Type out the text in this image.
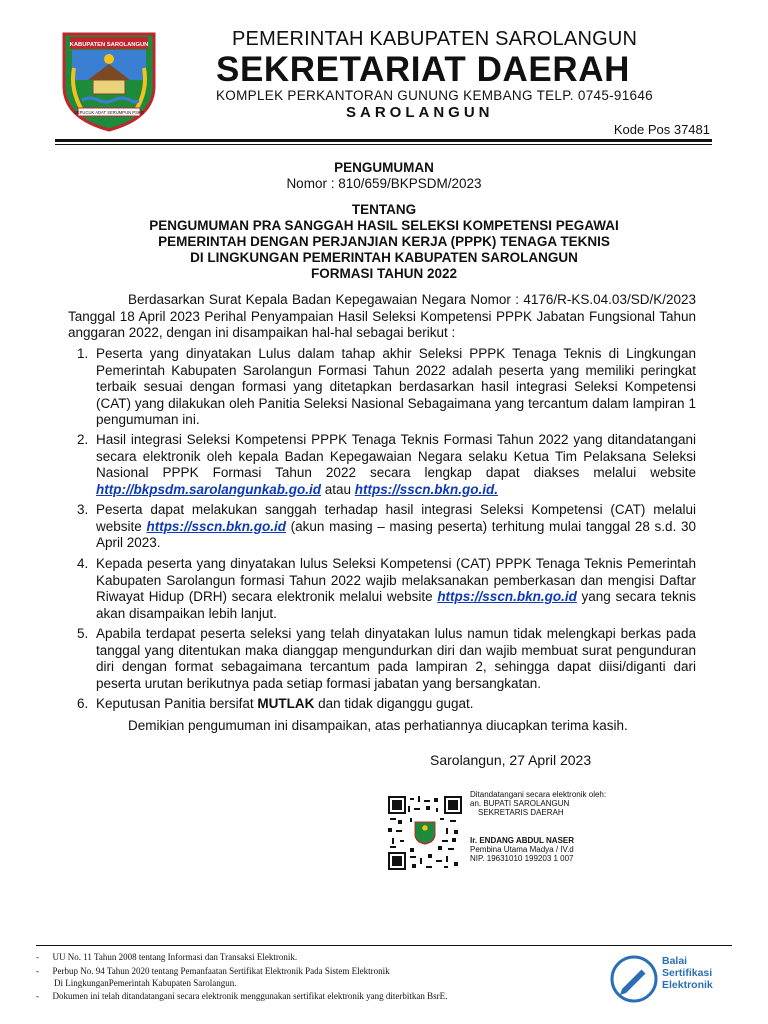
KABUPATEN SAROLANGUN
SEPUCUK ADAT SERUMPUN PSKO
PEMERINTAH KABUPATEN SAROLANGUN
SEKRETARIAT DAERAH
KOMPLEK PERKANTORAN GUNUNG KEMBANG TELP. 0745-91646
SAROLANGUN
Kode Pos 37481
PENGUMUMAN
Nomor : 810/659/BKPSDM/2023
TENTANG
PENGUMUMAN PRA SANGGAH HASIL SELEKSI KOMPETENSI PEGAWAI
PEMERINTAH DENGAN PERJANJIAN KERJA (PPPK) TENAGA TEKNIS
DI LINGKUNGAN PEMERINTAH KABUPATEN SAROLANGUN
FORMASI TAHUN 2022
Berdasarkan Surat Kepala Badan Kepegawaian Negara Nomor : 4176/R-KS.04.03/SD/K/2023 Tanggal 18 April 2023 Perihal Penyampaian Hasil Seleksi Kompetensi PPPK Jabatan Fungsional Tahun anggaran 2022, dengan ini disampaikan hal-hal sebagai berikut :
1. Peserta yang dinyatakan Lulus dalam tahap akhir Seleksi PPPK Tenaga Teknis di Lingkungan Pemerintah Kabupaten Sarolangun Formasi Tahun 2022 adalah peserta yang memiliki peringkat terbaik sesuai dengan formasi yang ditetapkan berdasarkan hasil integrasi Seleksi Kompetensi (CAT) yang dilakukan oleh Panitia Seleksi Nasional Sebagaimana yang tercantum dalam lampiran 1 pengumuman ini.
2. Hasil integrasi Seleksi Kompetensi PPPK Tenaga Teknis Formasi Tahun 2022 yang ditandatangani secara elektronik oleh kepala Badan Kepegawaian Negara selaku Ketua Tim Pelaksana Seleksi Nasional PPPK Formasi Tahun 2022 secara lengkap dapat diakses melalui website http://bkpsdm.sarolangunkab.go.id atau https://sscn.bkn.go.id.
3. Peserta dapat melakukan sanggah terhadap hasil integrasi Seleksi Kompetensi (CAT) melalui website https://sscn.bkn.go.id (akun masing – masing peserta) terhitung mulai tanggal 28 s.d. 30 April 2023.
4. Kepada peserta yang dinyatakan lulus Seleksi Kompetensi (CAT) PPPK Tenaga Teknis Pemerintah Kabupaten Sarolangun formasi Tahun 2022 wajib melaksanakan pemberkasan dan mengisi Daftar Riwayat Hidup (DRH) secara elektronik melalui website https://sscn.bkn.go.id yang secara teknis akan disampaikan lebih lanjut.
5. Apabila terdapat peserta seleksi yang telah dinyatakan lulus namun tidak melengkapi berkas pada tanggal yang ditentukan maka dianggap mengundurkan diri dan wajib membuat surat pengunduran diri dengan format sebagaimana tercantum pada lampiran 2, sehingga dapat diisi/diganti dari peserta urutan berikutnya pada setiap formasi jabatan yang bersangkatan.
6. Keputusan Panitia bersifat MUTLAK dan tidak diganggu gugat.
Demikian pengumuman ini disampaikan, atas perhatiannya diucapkan terima kasih.
Sarolangun, 27 April 2023
Ditandatangani secara elektronik oleh:
an. BUPATI SAROLANGUN
SEKRETARIS DAERAH
Ir. ENDANG ABDUL NASER
Pembina Utama Madya / IV.d
NIP. 19631010 199203 1 007
- UU No. 11 Tahun 2008 tentang Informasi dan Transaksi Elektronik.
- Perbup No. 94 Tahun 2020 tentang Pemanfaatan Sertifikat Elektronik Pada Sistem Elektronik
Di LingkunganPemerintah Kabupaten Sarolangun.
- Dokumen ini telah ditandatangani secara elektronik menggunakan sertifikat elektronik yang diterbitkan BsrE.
Balai
Sertifikasi
Elektronik
